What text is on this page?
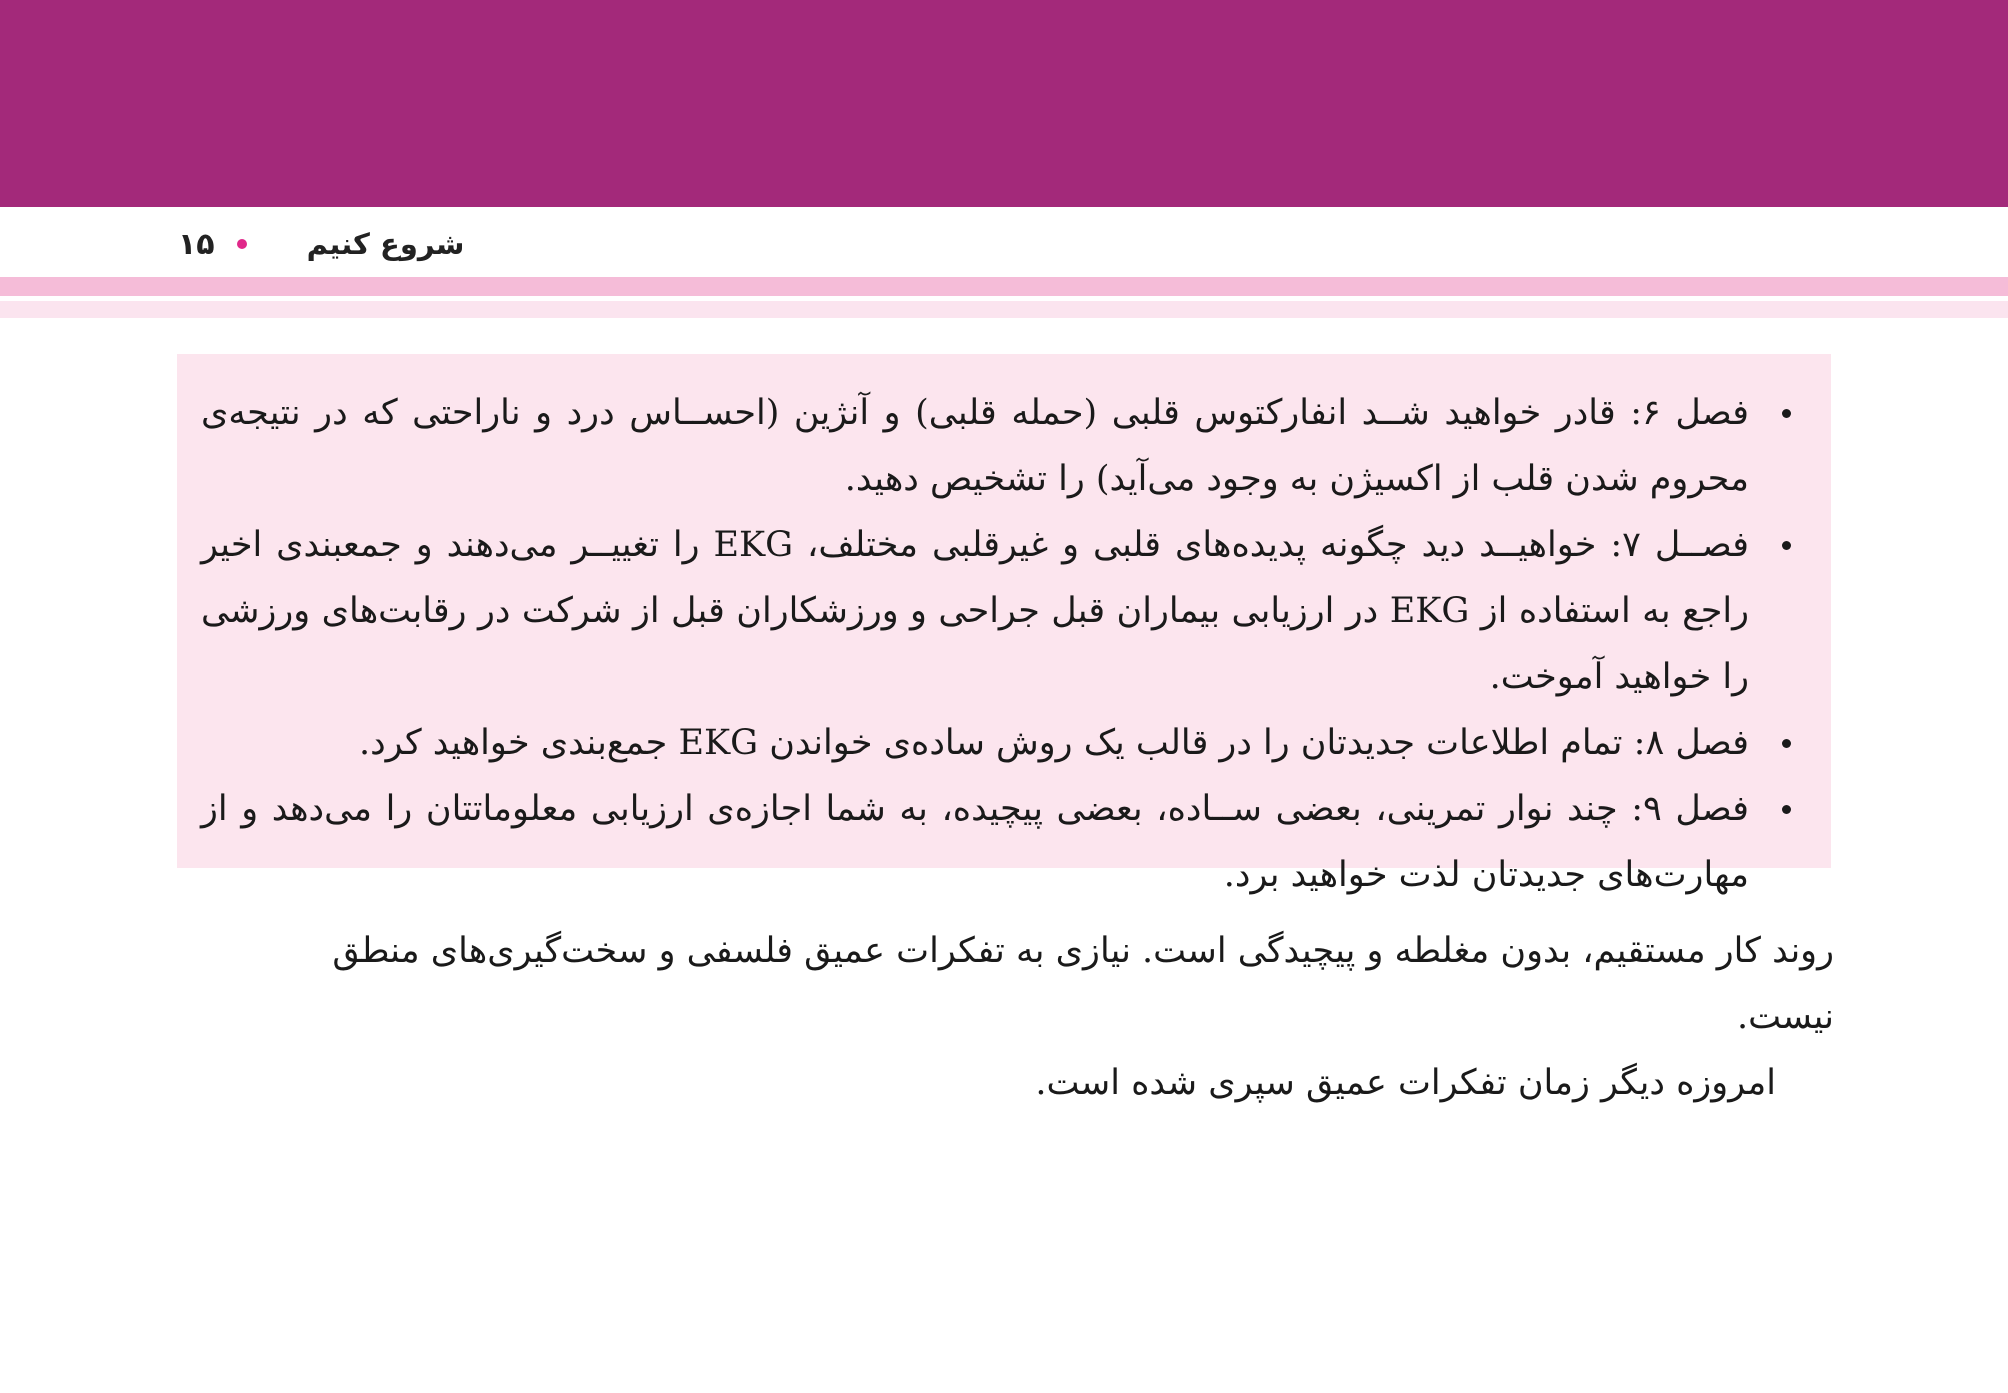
۱۵	شروع کنیم
فصل ۶: قادر خواهید شــد انفارکتوس قلبی (حمله قلبی) و آنژین (احســاس درد و ناراحتی که در نتیجه‌ی محروم شدن قلب از اکسیژن به وجود می‌آید) را تشخیص دهید.
فصــل ۷: خواهیــد دید چگونه پدیده‌های قلبی و غیرقلبی مختلف، EKG را تغییــر می‌دهند و جمعبندی اخیر راجع به استفاده از EKG در ارزیابی بیماران قبل جراحی و ورزشکاران قبل از شرکت در رقابت‌های ورزشی را خواهید آموخت.
فصل ۸: تمام اطلاعات جدیدتان را در قالب یک روش ساده‌ی خواندن EKG جمع‌بندی خواهید کرد.
فصل ۹: چند نوار تمرینی، بعضی ســاده، بعضی پیچیده، به شما اجازه‌ی ارزیابی معلوماتتان را می‌دهد و از مهارت‌های جدیدتان لذت خواهید برد.

روند کار مستقیم، بدون مغلطه و پیچیدگی است. نیازی به تفکرات عمیق فلسفی و سخت‌گیری‌های منطق نیست.
امروزه دیگر زمان تفکرات عمیق سپری شده است.
